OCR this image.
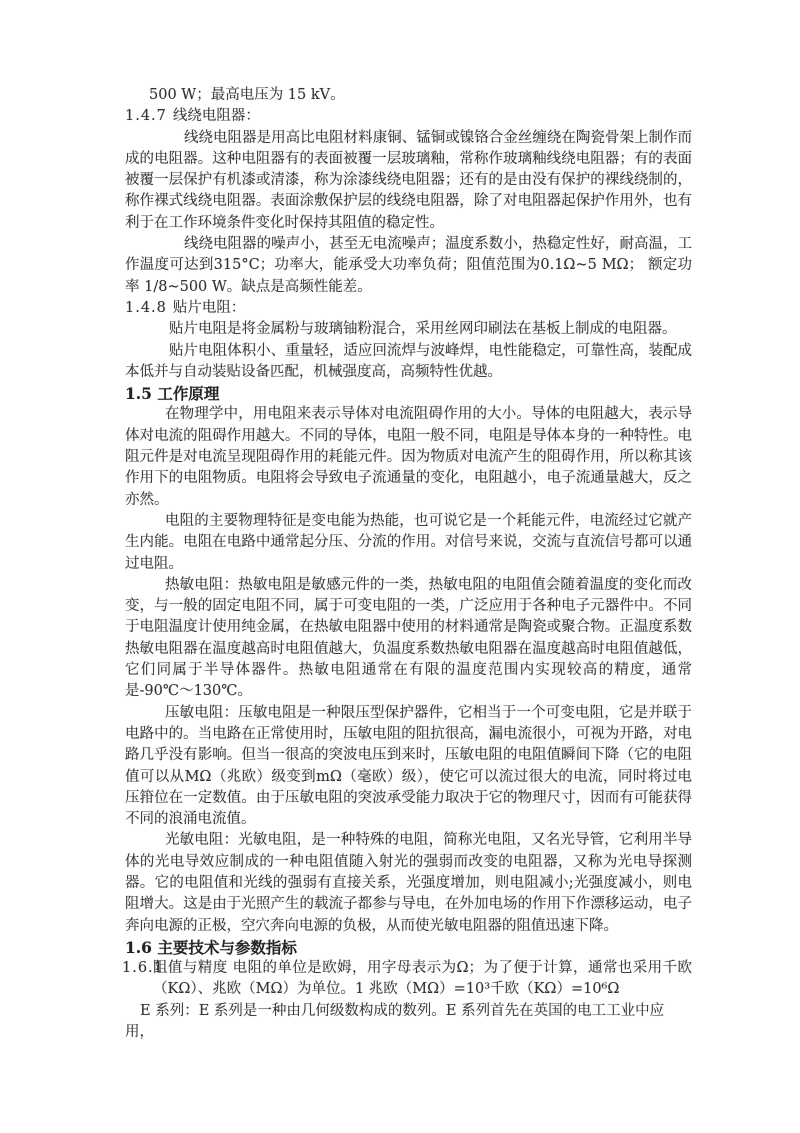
500 W；最高电压为 15 kV。

1.4.7 线绕电阻器：

线绕电阻器是用高比电阻材料康铜、锰铜或镍铬合金丝缠绕在陶瓷骨架上制作而成的电阻器。这种电阻器有的表面被覆一层玻璃釉，常称作玻璃釉线绕电阻器；有的表面被覆一层保护有机漆或清漆，称为涂漆线绕电阻器；还有的是由没有保护的裸线绕制的，称作裸式线绕电阻器。表面涂敷保护层的线绕电阻器，除了对电阻器起保护作用外，也有利于在工作环境条件变化时保持其阻值的稳定性。

线绕电阻器的噪声小，甚至无电流噪声；温度系数小，热稳定性好，耐高温，工作温度可达到315°C；功率大，能承受大功率负荷；阻值范围为0.1Ω~5 MΩ； 额定功率 1/8~500 W。缺点是高频性能差。

1.4.8 贴片电阻：

贴片电阻是将金属粉与玻璃铀粉混合，采用丝网印刷法在基板上制成的电阻器。

贴片电阻体积小、重量轻，适应回流焊与波峰焊，电性能稳定，可靠性高，装配成本低并与自动装贴设备匹配，机械强度高，高频特性优越。

1.5 工作原理

在物理学中，用电阻来表示导体对电流阻碍作用的大小。导体的电阻越大，表示导体对电流的阻碍作用越大。不同的导体，电阻一般不同，电阻是导体本身的一种特性。电阻元件是对电流呈现阻碍作用的耗能元件。因为物质对电流产生的阻碍作用，所以称其该作用下的电阻物质。电阻将会导致电子流通量的变化，电阻越小，电子流通量越大，反之亦然。

电阻的主要物理特征是变电能为热能，也可说它是一个耗能元件，电流经过它就产生内能。电阻在电路中通常起分压、分流的作用。对信号来说，交流与直流信号都可以通过电阻。

热敏电阻：热敏电阻是敏感元件的一类，热敏电阻的电阻值会随着温度的变化而改变，与一般的固定电阻不同，属于可变电阻的一类，广泛应用于各种电子元器件中。不同于电阻温度计使用纯金属，在热敏电阻器中使用的材料通常是陶瓷或聚合物。正温度系数热敏电阻器在温度越高时电阻值越大，负温度系数热敏电阻器在温度越高时电阻值越低，它们同属于半导体器件。热敏电阻通常在有限的温度范围内实现较高的精度，通常是-90℃～130℃。

压敏电阻：压敏电阻是一种限压型保护器件，它相当于一个可变电阻，它是并联于电路中的。当电路在正常使用时，压敏电阻的阻抗很高，漏电流很小，可视为开路，对电路几乎没有影响。但当一很高的突波电压到来时，压敏电阻的电阻值瞬间下降（它的电阻值可以从MΩ（兆欧）级变到mΩ（毫欧）级），使它可以流过很大的电流，同时将过电压箝位在一定数值。由于压敏电阻的突波承受能力取决于它的物理尺寸，因而有可能获得不同的浪涌电流值。

光敏电阻：光敏电阻，是一种特殊的电阻，简称光电阻，又名光导管，它利用半导体的光电导效应制成的一种电阻值随入射光的强弱而改变的电阻器，又称为光电导探测器。它的电阻值和光线的强弱有直接关系，光强度增加，则电阻减小;光强度减小，则电阻增大。这是由于光照产生的载流子都参与导电，在外加电场的作用下作漂移运动，电子奔向电源的正极，空穴奔向电源的负极，从而使光敏电阻器的阻值迅速下降。

1.6 主要技术与参数指标

1.6.1
阻值与精度 电阻的单位是欧姆，用字母表示为Ω；为了便于计算，通常也采用千欧（KΩ）、兆欧（MΩ）为单位。1 兆欧（MΩ）=10³千欧（KΩ）=10⁶Ω

E 系列：E 系列是一种由几何级数构成的数列。E 系列首先在英国的电工工业中应用，
